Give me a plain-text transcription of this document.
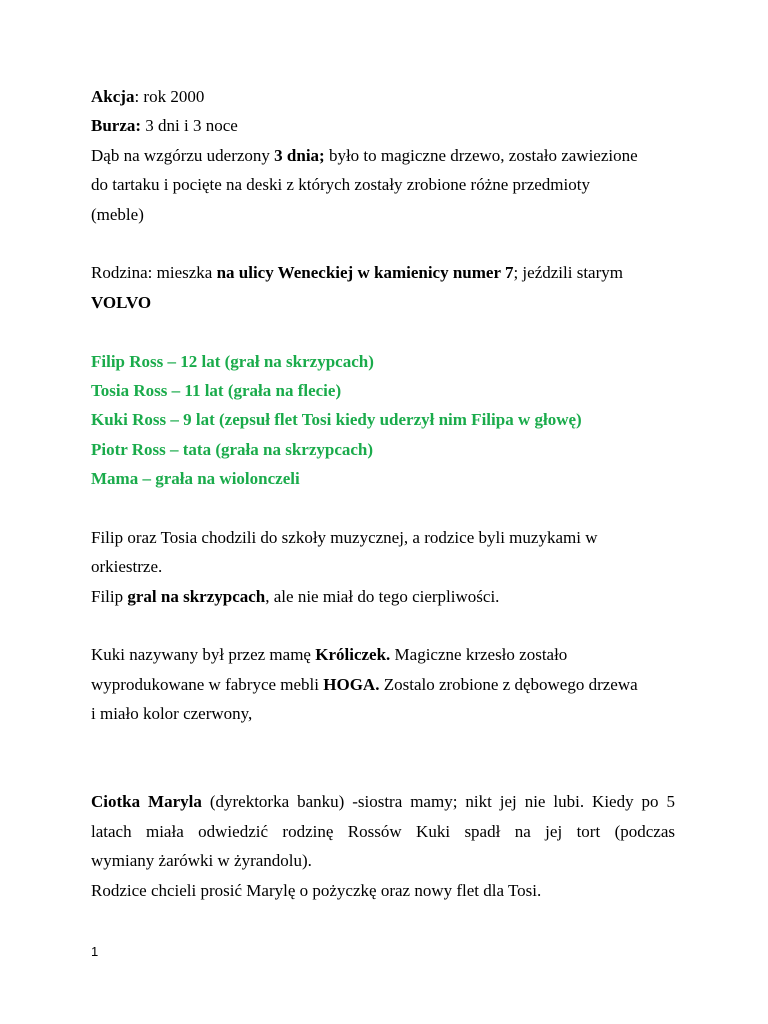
Akcja: rok 2000
Burza: 3 dni i 3 noce
Dąb na wzgórzu uderzony 3 dnia; było to magiczne drzewo, zostało zawiezione
do tartaku i pocięte na deski z których zostały zrobione różne przedmioty
(meble)
Rodzina: mieszka na ulicy Weneckiej w kamienicy numer 7; jeździli starym
VOLVO
Filip Ross – 12 lat (grał na skrzypcach)
Tosia Ross – 11 lat (grała na flecie)
Kuki Ross – 9 lat (zepsuł flet Tosi kiedy uderzył nim Filipa w głowę)
Piotr Ross – tata (grała na skrzypcach)
Mama – grała na wiolonczeli
Filip oraz Tosia chodzili do szkoły muzycznej, a rodzice byli muzykami w
orkiestrze.
Filip gral na skrzypcach, ale nie miał do tego cierpliwości.
Kuki nazywany był przez mamę Króliczek. Magiczne krzesło zostało
wyprodukowane w fabryce mebli HOGA. Zostalo zrobione z dębowego drzewa
i miało kolor czerwony,
Ciotka Maryla (dyrektorka banku) -siostra mamy; nikt jej nie lubi. Kiedy po 5
latach miała odwiedzić rodzinę Rossów Kuki spadł na jej tort (podczas
wymiany żarówki w żyrandolu).
Rodzice chcieli prosić Marylę o pożyczkę oraz nowy flet dla Tosi.
1
